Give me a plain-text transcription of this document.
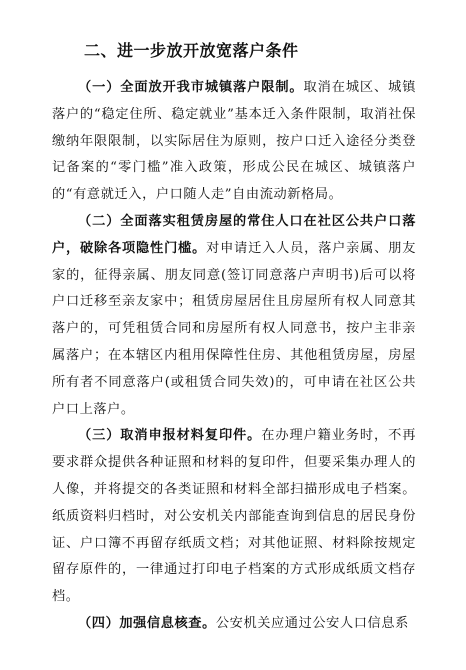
二、进一步放开放宽落户条件

（一）全面放开我市城镇落户限制。取消在城区、城镇落户的“稳定住所、稳定就业”基本迁入条件限制，取消社保缴纳年限限制，以实际居住为原则，按户口迁入途径分类登记备案的“零门槛”准入政策，形成公民在城区、城镇落户的“有意就迁入，户口随人走”自由流动新格局。

（二）全面落实租赁房屋的常住人口在社区公共户口落户，破除各项隐性门槛。对申请迁入人员，落户亲属、朋友家的，征得亲属、朋友同意(签订同意落户声明书)后可以将户口迁移至亲友家中；租赁房屋居住且房屋所有权人同意其落户的，可凭租赁合同和房屋所有权人同意书，按户主非亲属落户；在本辖区内租用保障性住房、其他租赁房屋，房屋所有者不同意落户(或租赁合同失效)的，可申请在社区公共户口上落户。

（三）取消申报材料复印件。在办理户籍业务时，不再要求群众提供各种证照和材料的复印件，但要采集办理人的人像，并将提交的各类证照和材料全部扫描形成电子档案。纸质资料归档时，对公安机关内部能查询到信息的居民身份证、户口簿不再留存纸质文档；对其他证照、材料除按规定留存原件的，一律通过打印电子档案的方式形成纸质文档存档。

（四）加强信息核查。公安机关应通过公安人口信息系
